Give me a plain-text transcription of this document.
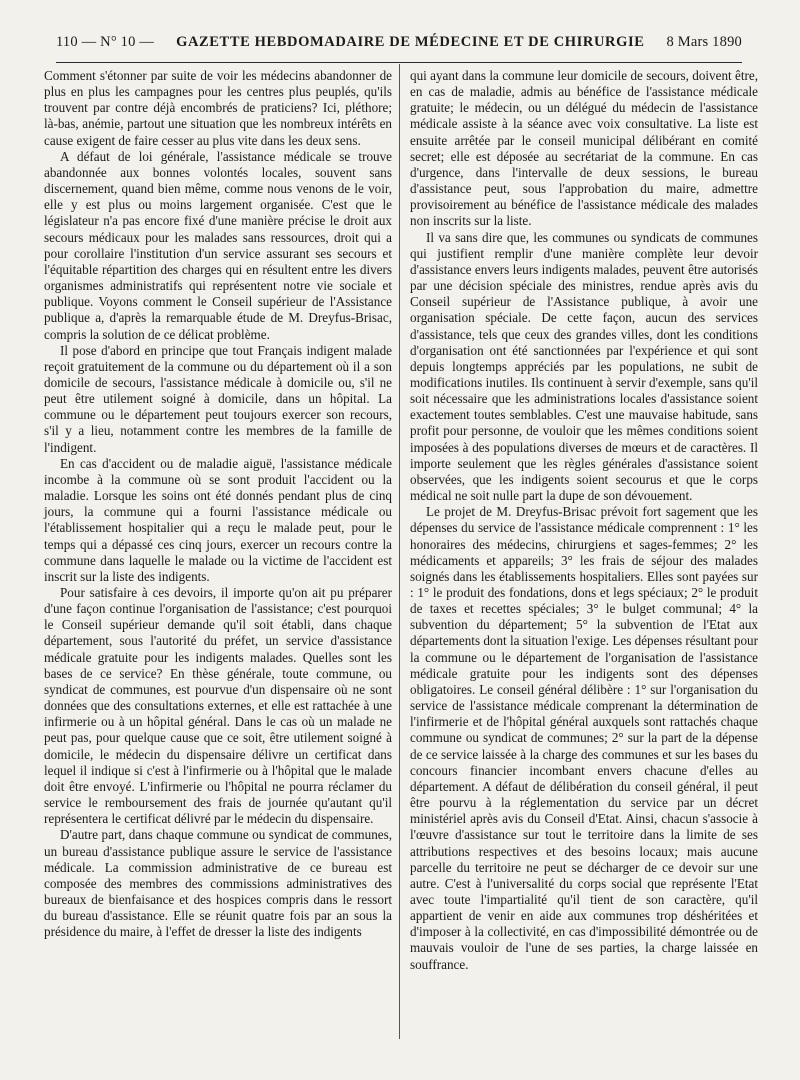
110 — N° 10 — GAZETTE HEBDOMADAIRE DE MÉDECINE ET DE CHIRURGIE 8 Mars 1890

Comment s'étonner par suite de voir les médecins abandonner de plus en plus les campagnes pour les centres plus peuplés, qu'ils trouvent par contre déjà encombrés de praticiens? Ici, pléthore; là-bas, anémie, partout une situation que les nombreux intérêts en cause exigent de faire cesser au plus vite dans les deux sens.

A défaut de loi générale, l'assistance médicale se trouve abandonnée aux bonnes volontés locales, souvent sans discernement, quand bien même, comme nous venons de le voir, elle y est plus ou moins largement organisée. C'est que le législateur n'a pas encore fixé d'une manière précise le droit aux secours médicaux pour les malades sans ressources, droit qui a pour corollaire l'institution d'un service assurant ses secours et l'équitable répartition des charges qui en résultent entre les divers organismes administratifs qui représentent notre vie sociale et publique. Voyons comment le Conseil supérieur de l'Assistance publique a, d'après la remarquable étude de M. Dreyfus-Brisac, compris la solution de ce délicat problème.

Il pose d'abord en principe que tout Français indigent malade reçoit gratuitement de la commune ou du département où il a son domicile de secours, l'assistance médicale à domicile ou, s'il ne peut être utilement soigné à domicile, dans un hôpital. La commune ou le département peut toujours exercer son recours, s'il y a lieu, notamment contre les membres de la famille de l'indigent.

En cas d'accident ou de maladie aiguë, l'assistance médicale incombe à la commune où se sont produit l'accident ou la maladie. Lorsque les soins ont été donnés pendant plus de cinq jours, la commune qui a fourni l'assistance médicale ou l'établissement hospitalier qui a reçu le malade peut, pour le temps qui a dépassé ces cinq jours, exercer un recours contre la commune dans laquelle le malade ou la victime de l'accident est inscrit sur la liste des indigents.

Pour satisfaire à ces devoirs, il importe qu'on ait pu préparer d'une façon continue l'organisation de l'assistance; c'est pourquoi le Conseil supérieur demande qu'il soit établi, dans chaque département, sous l'autorité du préfet, un service d'assistance médicale gratuite pour les indigents malades. Quelles sont les bases de ce service? En thèse générale, toute commune, ou syndicat de communes, est pourvue d'un dispensaire où ne sont données que des consultations externes, et elle est rattachée à une infirmerie ou à un hôpital général. Dans le cas où un malade ne peut pas, pour quelque cause que ce soit, être utilement soigné à domicile, le médecin du dispensaire délivre un certificat dans lequel il indique si c'est à l'infirmerie ou à l'hôpital que le malade doit être envoyé. L'infirmerie ou l'hôpital ne pourra réclamer du service le remboursement des frais de journée qu'autant qu'il représentera le certificat délivré par le médecin du dispensaire.

D'autre part, dans chaque commune ou syndicat de communes, un bureau d'assistance publique assure le service de l'assistance médicale. La commission administrative de ce bureau est composée des membres des commissions administratives des bureaux de bienfaisance et des hospices compris dans le ressort du bureau d'assistance. Elle se réunit quatre fois par an sous la présidence du maire, à l'effet de dresser la liste des indigents

qui ayant dans la commune leur domicile de secours, doivent être, en cas de maladie, admis au bénéfice de l'assistance médicale gratuite; le médecin, ou un délégué du médecin de l'assistance médicale assiste à la séance avec voix consultative. La liste est ensuite arrêtée par le conseil municipal délibérant en comité secret; elle est déposée au secrétariat de la commune. En cas d'urgence, dans l'intervalle de deux sessions, le bureau d'assistance peut, sous l'approbation du maire, admettre provisoirement au bénéfice de l'assistance médicale des malades non inscrits sur la liste.

Il va sans dire que, les communes ou syndicats de communes qui justifient remplir d'une manière complète leur devoir d'assistance envers leurs indigents malades, peuvent être autorisés par une décision spéciale des ministres, rendue après avis du Conseil supérieur de l'Assistance publique, à avoir une organisation spéciale. De cette façon, aucun des services d'assistance, tels que ceux des grandes villes, dont les conditions d'organisation ont été sanctionnées par l'expérience et qui sont depuis longtemps appréciés par les populations, ne subit de modifications inutiles. Ils continuent à servir d'exemple, sans qu'il soit nécessaire que les administrations locales d'assistance soient exactement toutes semblables. C'est une mauvaise habitude, sans profit pour personne, de vouloir que les mêmes conditions soient imposées à des populations diverses de mœurs et de caractères. Il importe seulement que les règles générales d'assistance soient observées, que les indigents soient secourus et que le corps médical ne soit nulle part la dupe de son dévouement.

Le projet de M. Dreyfus-Brisac prévoit fort sagement que les dépenses du service de l'assistance médicale comprennent : 1° les honoraires des médecins, chirurgiens et sages-femmes; 2° les médicaments et appareils; 3° les frais de séjour des malades soignés dans les établissements hospitaliers. Elles sont payées sur : 1° le produit des fondations, dons et legs spéciaux; 2° le produit de taxes et recettes spéciales; 3° le bulget communal; 4° la subvention du département; 5° la subvention de l'Etat aux départements dont la situation l'exige. Les dépenses résultant pour la commune ou le département de l'organisation de l'assistance médicale gratuite pour les indigents sont des dépenses obligatoires. Le conseil général délibère : 1° sur l'organisation du service de l'assistance médicale comprenant la détermination de l'infirmerie et de l'hôpital général auxquels sont rattachés chaque commune ou syndicat de communes; 2° sur la part de la dépense de ce service laissée à la charge des communes et sur les bases du concours financier incombant envers chacune d'elles au département. A défaut de délibération du conseil général, il peut être pourvu à la réglementation du service par un décret ministériel après avis du Conseil d'Etat. Ainsi, chacun s'associe à l'œuvre d'assistance sur tout le territoire dans la limite de ses attributions respectives et des besoins locaux; mais aucune parcelle du territoire ne peut se décharger de ce devoir sur une autre. C'est à l'universalité du corps social que représente l'Etat avec toute l'impartialité qu'il tient de son caractère, qu'il appartient de venir en aide aux communes trop déshéritées et d'imposer à la collectivité, en cas d'impossibilité démontrée ou de mauvais vouloir de l'une de ses parties, la charge laissée en souffrance.
